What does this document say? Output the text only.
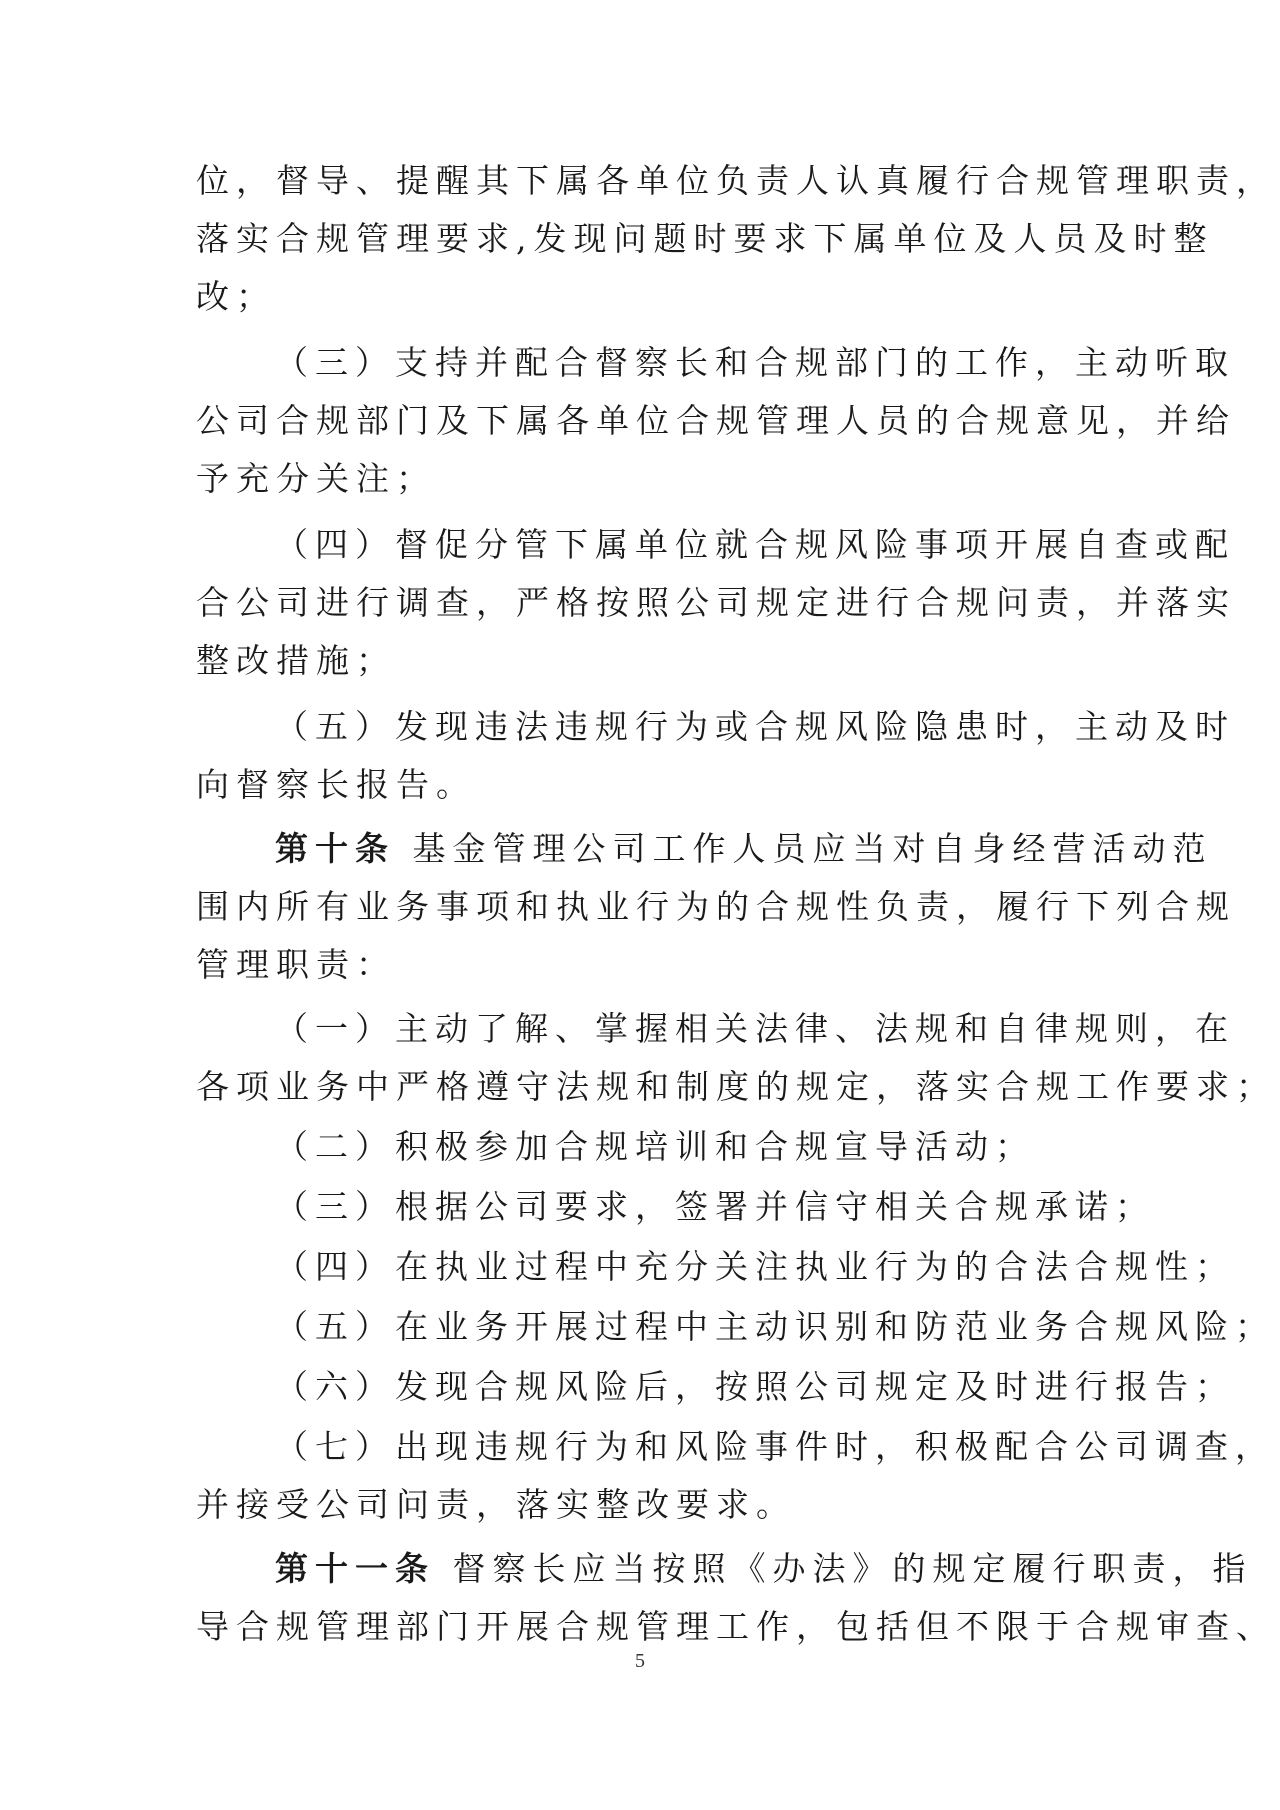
位，督导、提醒其下属各单位负责人认真履行合规管理职责，
落实合规管理要求,发现问题时要求下属单位及人员及时整
改；
（三）支持并配合督察长和合规部门的工作，主动听取
公司合规部门及下属各单位合规管理人员的合规意见，并给
予充分关注；
（四）督促分管下属单位就合规风险事项开展自查或配
合公司进行调查，严格按照公司规定进行合规问责，并落实
整改措施；
（五）发现违法违规行为或合规风险隐患时，主动及时
向督察长报告。
第十条 基金管理公司工作人员应当对自身经营活动范
围内所有业务事项和执业行为的合规性负责，履行下列合规
管理职责：
（一）主动了解、掌握相关法律、法规和自律规则，在
各项业务中严格遵守法规和制度的规定，落实合规工作要求；
（二）积极参加合规培训和合规宣导活动；
（三）根据公司要求，签署并信守相关合规承诺；
（四）在执业过程中充分关注执业行为的合法合规性；
（五）在业务开展过程中主动识别和防范业务合规风险；
（六）发现合规风险后，按照公司规定及时进行报告；
（七）出现违规行为和风险事件时，积极配合公司调查，
并接受公司问责，落实整改要求。
第十一条 督察长应当按照《办法》的规定履行职责，指
导合规管理部门开展合规管理工作，包括但不限于合规审查、
5
